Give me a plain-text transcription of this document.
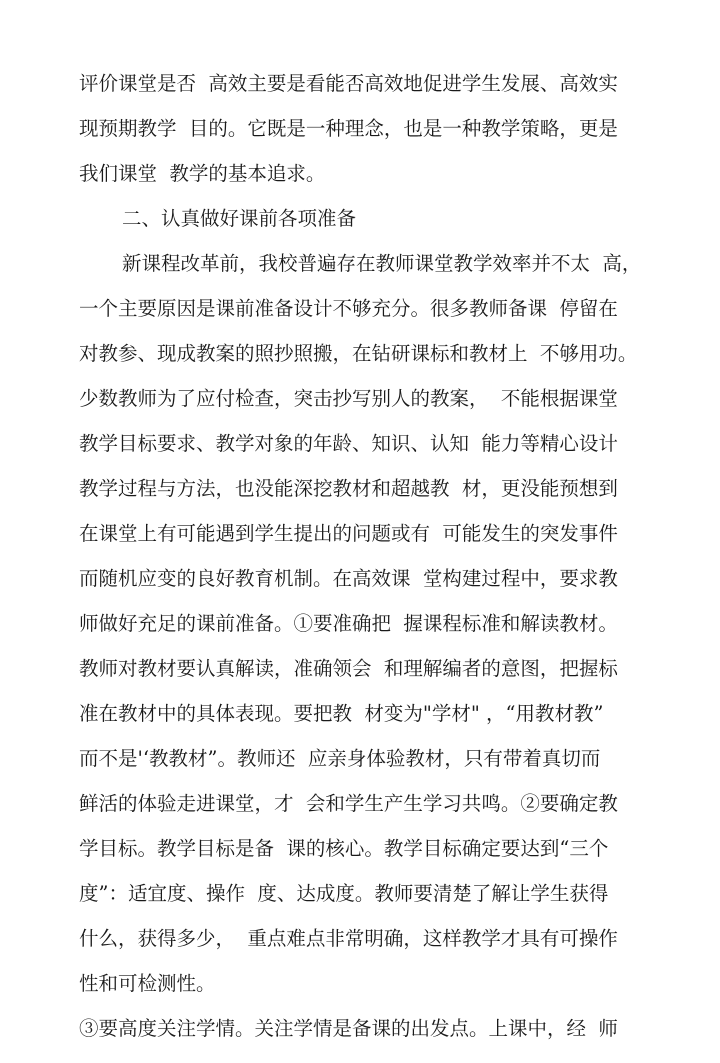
评价课堂是否  高效主要是看能否高效地促进学生发展、高效实
现预期教学  目的。它既是一种理念，也是一种教学策略，更是
我们课堂  教学的基本追求。
二、认真做好课前各项准备
新课程改革前，我校普遍存在教师课堂教学效率并不太  高，
一个主要原因是课前准备设计不够充分。很多教师备课  停留在
对教参、现成教案的照抄照搬，在钻研课标和教材上  不够用功。
少数教师为了应付检查，突击抄写别人的教案，  不能根据课堂
教学目标要求、教学对象的年龄、知识、认知  能力等精心设计
教学过程与方法，也没能深挖教材和超越教  材，更没能预想到
在课堂上有可能遇到学生提出的问题或有  可能发生的突发事件
而随机应变的良好教育机制。在高效课  堂构建过程中，要求教
师做好充足的课前准备。①要准确把  握课程标准和解读教材。
教师对教材要认真解读，准确领会  和理解编者的意图，把握标
准在教材中的具体表现。要把教  材变为"学材" ，“用教材教”
而不是'‘教教材”。教师还  应亲身体验教材，只有带着真切而
鲜活的体验走进课堂，才  会和学生产生学习共鸣。②要确定教
学目标。教学目标是备  课的核心。教学目标确定要达到“三个
度”：适宜度、操作  度、达成度。教师要清楚了解让学生获得
什么，获得多少，  重点难点非常明确，这样教学才具有可操作
性和可检测性。
③要高度关注学情。关注学情是备课的出发点。上课中，经  师
